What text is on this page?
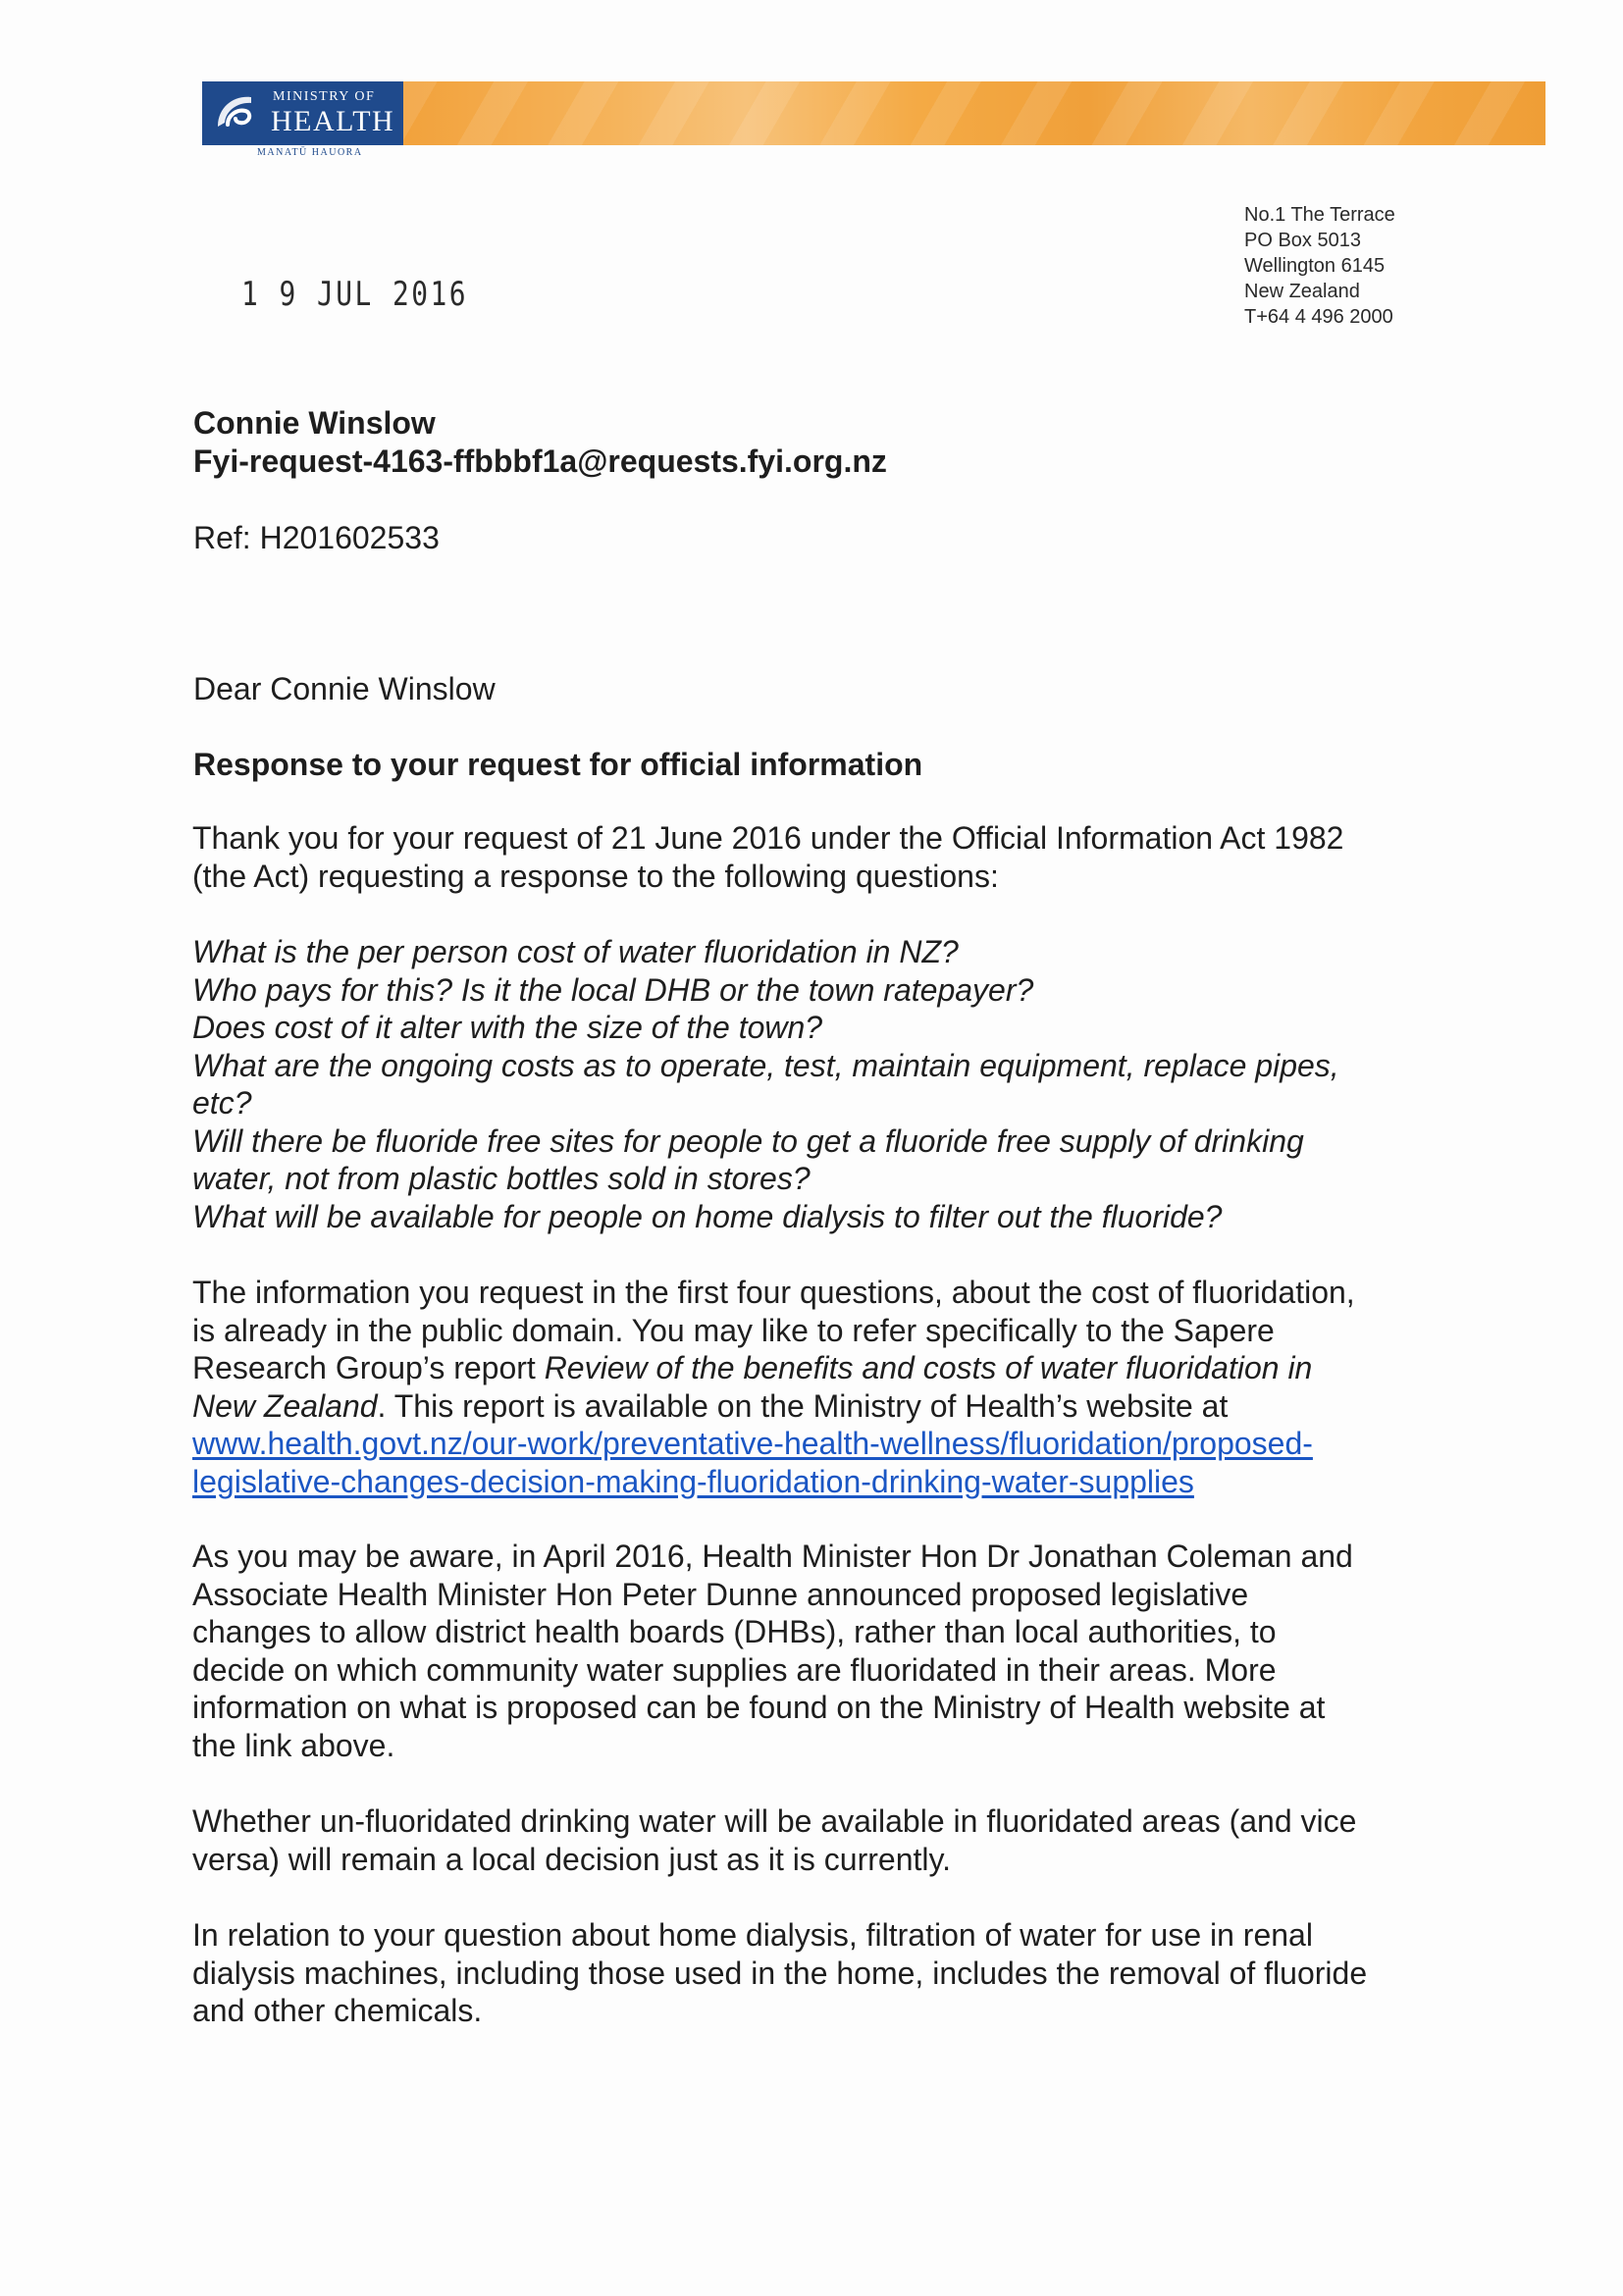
MINISTRY OF
HEALTH
MANATŪ HAUORA
No.1 The Terrace
PO Box 5013
Wellington 6145
New Zealand
T+64 4 496 2000
1 9 JUL 2016
Connie Winslow
Fyi-request-4163-ffbbbf1a@requests.fyi.org.nz
Ref: H201602533
Dear Connie Winslow
Response to your request for official information
Thank you for your request of 21 June 2016 under the Official Information Act 1982
(the Act) requesting a response to the following questions:
What is the per person cost of water fluoridation in NZ?
Who pays for this? Is it the local DHB or the town ratepayer?
Does cost of it alter with the size of the town?
What are the ongoing costs as to operate, test, maintain equipment, replace pipes,
etc?
Will there be fluoride free sites for people to get a fluoride free supply of drinking
water, not from plastic bottles sold in stores?
What will be available for people on home dialysis to filter out the fluoride?
The information you request in the first four questions, about the cost of fluoridation,
is already in the public domain. You may like to refer specifically to the Sapere
Research Group’s report Review of the benefits and costs of water fluoridation in
New Zealand. This report is available on the Ministry of Health’s website at
www.health.govt.nz/our-work/preventative-health-wellness/fluoridation/proposed-
legislative-changes-decision-making-fluoridation-drinking-water-supplies
As you may be aware, in April 2016, Health Minister Hon Dr Jonathan Coleman and
Associate Health Minister Hon Peter Dunne announced proposed legislative
changes to allow district health boards (DHBs), rather than local authorities, to
decide on which community water supplies are fluoridated in their areas. More
information on what is proposed can be found on the Ministry of Health website at
the link above.
Whether un-fluoridated drinking water will be available in fluoridated areas (and vice
versa) will remain a local decision just as it is currently.
In relation to your question about home dialysis, filtration of water for use in renal
dialysis machines, including those used in the home, includes the removal of fluoride
and other chemicals.
